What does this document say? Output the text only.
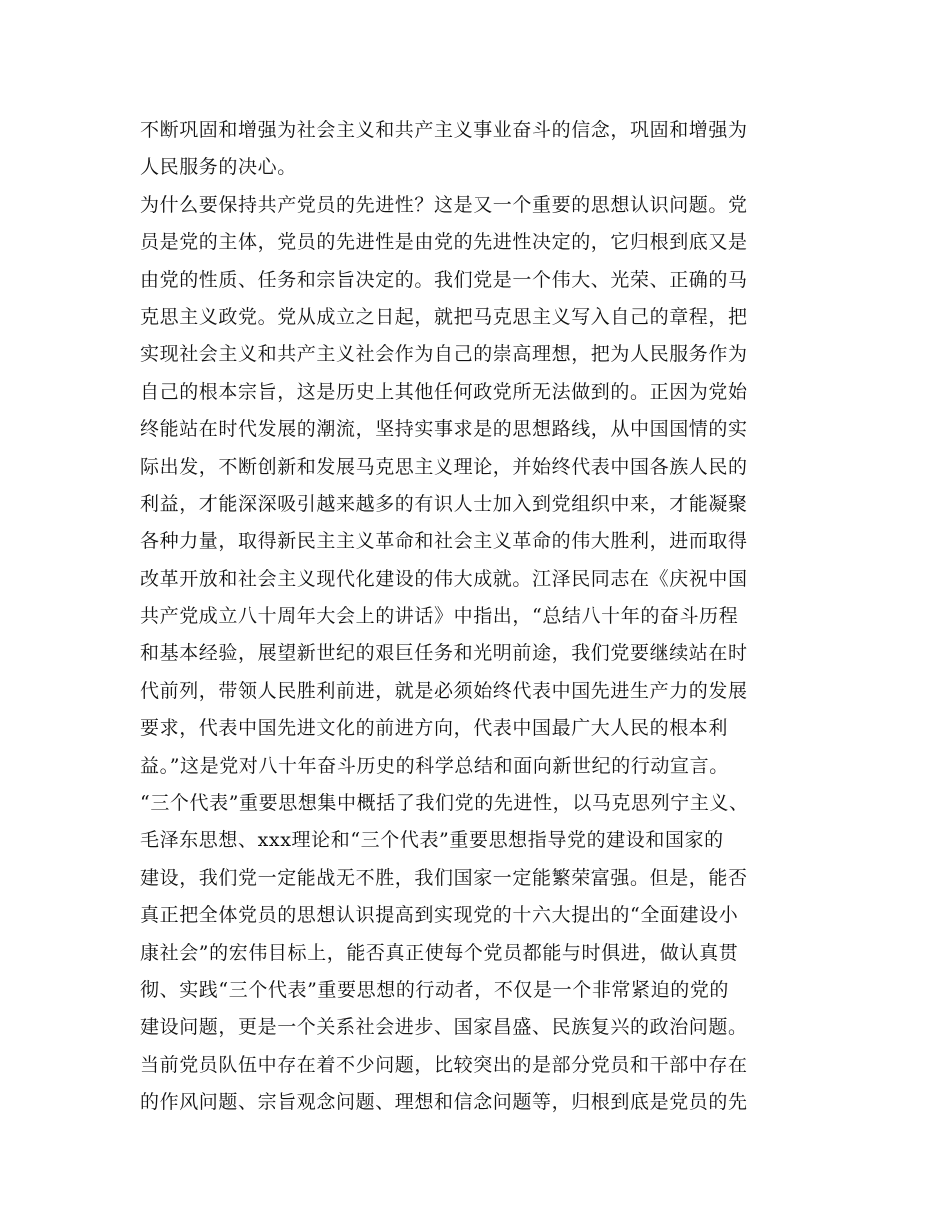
不断巩固和增强为社会主义和共产主义事业奋斗的信念，巩固和增强为
人民服务的决心。
为什么要保持共产党员的先进性？这是又一个重要的思想认识问题。党
员是党的主体，党员的先进性是由党的先进性决定的，它归根到底又是
由党的性质、任务和宗旨决定的。我们党是一个伟大、光荣、正确的马
克思主义政党。党从成立之日起，就把马克思主义写入自己的章程，把
实现社会主义和共产主义社会作为自己的崇高理想，把为人民服务作为
自己的根本宗旨，这是历史上其他任何政党所无法做到的。正因为党始
终能站在时代发展的潮流，坚持实事求是的思想路线，从中国国情的实
际出发，不断创新和发展马克思主义理论，并始终代表中国各族人民的
利益，才能深深吸引越来越多的有识人士加入到党组织中来，才能凝聚
各种力量，取得新民主主义革命和社会主义革命的伟大胜利，进而取得
改革开放和社会主义现代化建设的伟大成就。江泽民同志在《庆祝中国
共产党成立八十周年大会上的讲话》中指出，“总结八十年的奋斗历程
和基本经验，展望新世纪的艰巨任务和光明前途，我们党要继续站在时
代前列，带领人民胜利前进，就是必须始终代表中国先进生产力的发展
要求，代表中国先进文化的前进方向，代表中国最广大人民的根本利
益。”这是党对八十年奋斗历史的科学总结和面向新世纪的行动宣言。
“三个代表”重要思想集中概括了我们党的先进性，以马克思列宁主义、
毛泽东思想、xxx理论和“三个代表”重要思想指导党的建设和国家的
建设，我们党一定能战无不胜，我们国家一定能繁荣富强。但是，能否
真正把全体党员的思想认识提高到实现党的十六大提出的“全面建设小
康社会”的宏伟目标上，能否真正使每个党员都能与时俱进，做认真贯
彻、实践“三个代表”重要思想的行动者，不仅是一个非常紧迫的党的
建设问题，更是一个关系社会进步、国家昌盛、民族复兴的政治问题。
当前党员队伍中存在着不少问题，比较突出的是部分党员和干部中存在
的作风问题、宗旨观念问题、理想和信念问题等，归根到底是党员的先
